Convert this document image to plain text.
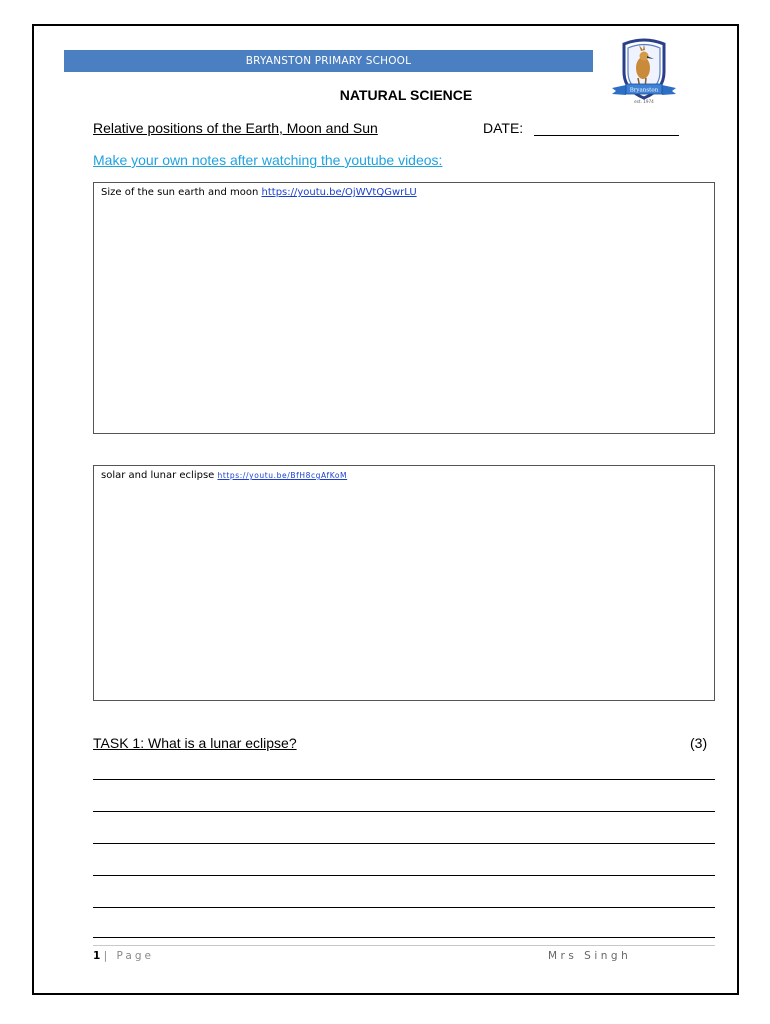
BRYANSTON PRIMARY SCHOOL
Bryanston
est. 1974
NATURAL SCIENCE
Relative positions of the Earth, Moon and Sun	DATE:
Make your own notes after watching the youtube videos:
Size of the sun earth and moon https://youtu.be/OjWVtQGwrLU
solar and lunar eclipse https://youtu.be/BfH8cgAfKoM
TASK 1: What is a lunar eclipse?	(3)
1 | Page	Mrs Singh
